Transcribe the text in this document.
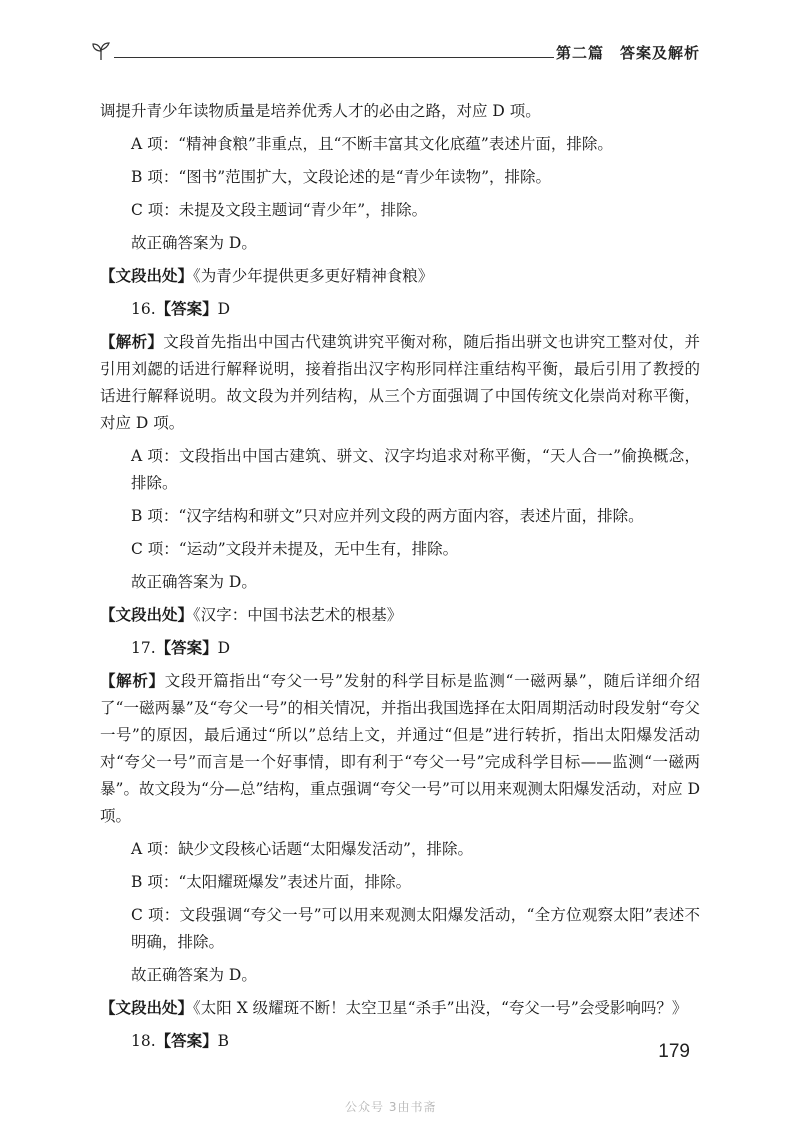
第二篇　答案及解析

调提升青少年读物质量是培养优秀人才的必由之路，对应 D 项。

A 项：“精神食粮”非重点，且“不断丰富其文化底蕴”表述片面，排除。

B 项：“图书”范围扩大，文段论述的是“青少年读物”，排除。

C 项：未提及文段主题词“青少年”，排除。

故正确答案为 D。

【文段出处】《为青少年提供更多更好精神食粮》

16.【答案】D

【解析】文段首先指出中国古代建筑讲究平衡对称，随后指出骈文也讲究工整对仗，并引用刘勰的话进行解释说明，接着指出汉字构形同样注重结构平衡，最后引用了教授的话进行解释说明。故文段为并列结构，从三个方面强调了中国传统文化崇尚对称平衡，对应 D 项。

A 项：文段指出中国古建筑、骈文、汉字均追求对称平衡，“天人合一”偷换概念，排除。

B 项：“汉字结构和骈文”只对应并列文段的两方面内容，表述片面，排除。

C 项：“运动”文段并未提及，无中生有，排除。

故正确答案为 D。

【文段出处】《汉字：中国书法艺术的根基》

17.【答案】D

【解析】文段开篇指出“夸父一号”发射的科学目标是监测“一磁两暴”，随后详细介绍了“一磁两暴”及“夸父一号”的相关情况，并指出我国选择在太阳周期活动时段发射“夸父一号”的原因，最后通过“所以”总结上文，并通过“但是”进行转折，指出太阳爆发活动对“夸父一号”而言是一个好事情，即有利于“夸父一号”完成科学目标——监测“一磁两暴”。故文段为“分—总”结构，重点强调“夸父一号”可以用来观测太阳爆发活动，对应 D 项。

A 项：缺少文段核心话题“太阳爆发活动”，排除。

B 项：“太阳耀斑爆发”表述片面，排除。

C 项：文段强调“夸父一号”可以用来观测太阳爆发活动，“全方位观察太阳”表述不明确，排除。

故正确答案为 D。

【文段出处】《太阳 X 级耀斑不断！太空卫星“杀手”出没，“夸父一号”会受影响吗？》

18.【答案】B	179
公众号 3由书斋
